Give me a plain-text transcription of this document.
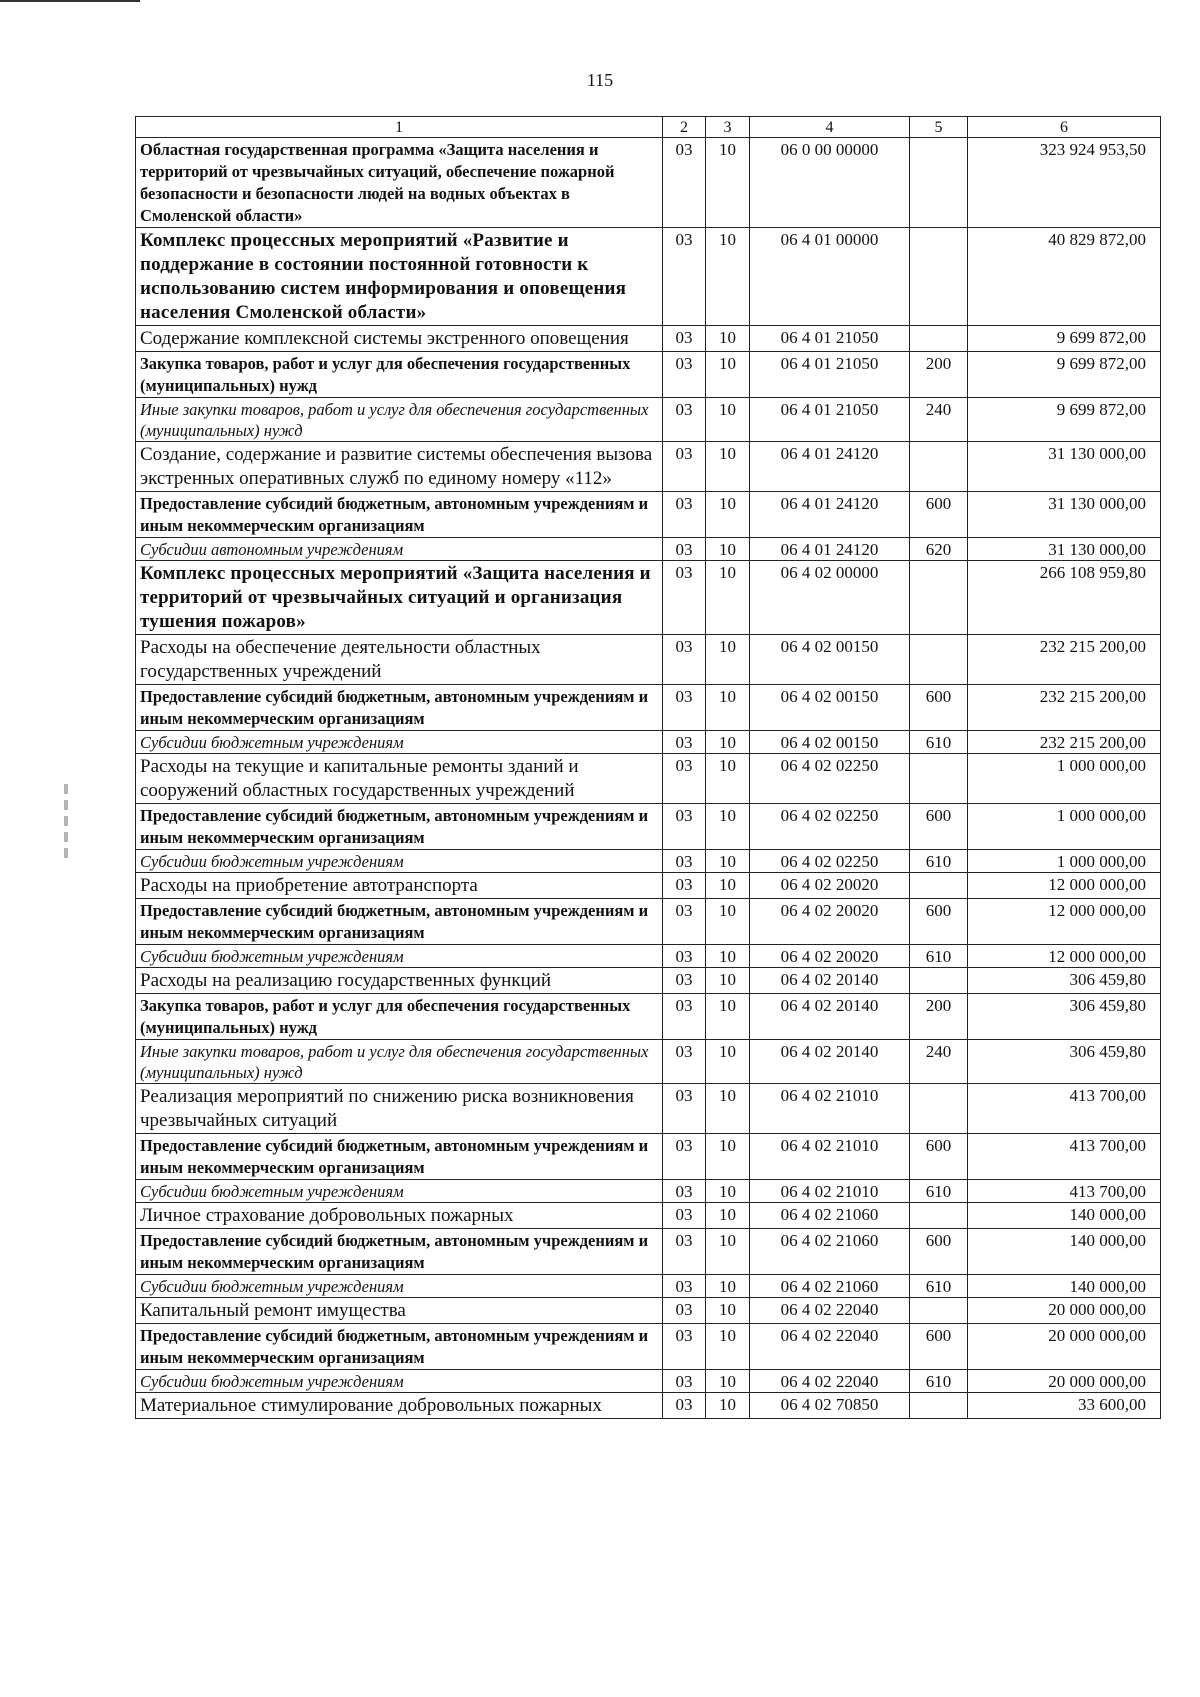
115
1	2	3	4	5	6
Областная государственная программа «Защита населения и территорий от чрезвычайных ситуаций, обеспечение пожарной безопасности и безопасности людей на водных объектах в Смоленской области»	03	10	06 0 00 00000		323 924 953,50
Комплекс процессных мероприятий «Развитие и поддержание в состоянии постоянной готовности к использованию систем информирования и оповещения населения Смоленской области»	03	10	06 4 01 00000		40 829 872,00
Содержание комплексной системы экстренного оповещения	03	10	06 4 01 21050		9 699 872,00
Закупка товаров, работ и услуг для обеспечения государственных (муниципальных) нужд	03	10	06 4 01 21050	200	9 699 872,00
Иные закупки товаров, работ и услуг для обеспечения государственных (муниципальных) нужд	03	10	06 4 01 21050	240	9 699 872,00
Создание, содержание и развитие системы обеспечения вызова экстренных оперативных служб по единому номеру «112»	03	10	06 4 01 24120		31 130 000,00
Предоставление субсидий бюджетным, автономным учреждениям и иным некоммерческим организациям	03	10	06 4 01 24120	600	31 130 000,00
Субсидии автономным учреждениям	03	10	06 4 01 24120	620	31 130 000,00
Комплекс процессных мероприятий «Защита населения и территорий от чрезвычайных ситуаций и организация тушения пожаров»	03	10	06 4 02 00000		266 108 959,80
Расходы на обеспечение деятельности областных государственных учреждений	03	10	06 4 02 00150		232 215 200,00
Предоставление субсидий бюджетным, автономным учреждениям и иным некоммерческим организациям	03	10	06 4 02 00150	600	232 215 200,00
Субсидии бюджетным учреждениям	03	10	06 4 02 00150	610	232 215 200,00
Расходы на текущие и капитальные ремонты зданий и сооружений областных государственных учреждений	03	10	06 4 02 02250		1 000 000,00
Предоставление субсидий бюджетным, автономным учреждениям и иным некоммерческим организациям	03	10	06 4 02 02250	600	1 000 000,00
Субсидии бюджетным учреждениям	03	10	06 4 02 02250	610	1 000 000,00
Расходы на приобретение автотранспорта	03	10	06 4 02 20020		12 000 000,00
Предоставление субсидий бюджетным, автономным учреждениям и иным некоммерческим организациям	03	10	06 4 02 20020	600	12 000 000,00
Субсидии бюджетным учреждениям	03	10	06 4 02 20020	610	12 000 000,00
Расходы на реализацию государственных функций	03	10	06 4 02 20140		306 459,80
Закупка товаров, работ и услуг для обеспечения государственных (муниципальных) нужд	03	10	06 4 02 20140	200	306 459,80
Иные закупки товаров, работ и услуг для обеспечения государственных (муниципальных) нужд	03	10	06 4 02 20140	240	306 459,80
Реализация мероприятий по снижению риска возникновения чрезвычайных ситуаций	03	10	06 4 02 21010		413 700,00
Предоставление субсидий бюджетным, автономным учреждениям и иным некоммерческим организациям	03	10	06 4 02 21010	600	413 700,00
Субсидии бюджетным учреждениям	03	10	06 4 02 21010	610	413 700,00
Личное страхование добровольных пожарных	03	10	06 4 02 21060		140 000,00
Предоставление субсидий бюджетным, автономным учреждениям и иным некоммерческим организациям	03	10	06 4 02 21060	600	140 000,00
Субсидии бюджетным учреждениям	03	10	06 4 02 21060	610	140 000,00
Капитальный ремонт имущества	03	10	06 4 02 22040		20 000 000,00
Предоставление субсидий бюджетным, автономным учреждениям и иным некоммерческим организациям	03	10	06 4 02 22040	600	20 000 000,00
Субсидии бюджетным учреждениям	03	10	06 4 02 22040	610	20 000 000,00
Материальное стимулирование добровольных пожарных	03	10	06 4 02 70850		33 600,00
